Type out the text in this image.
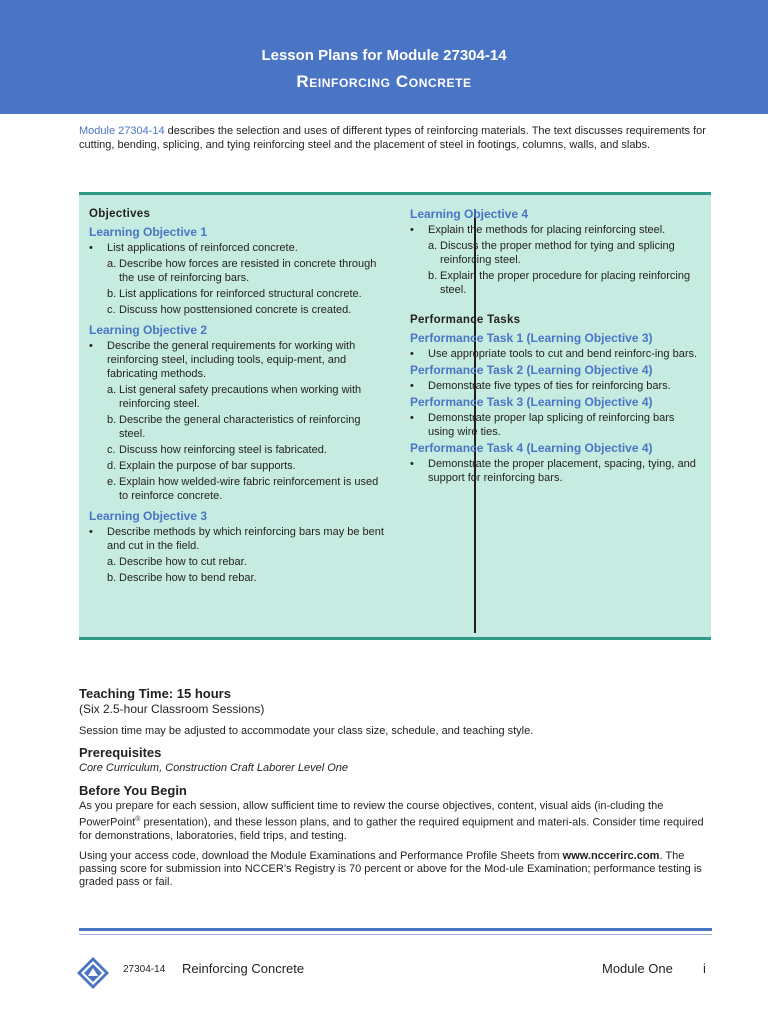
Lesson Plans for Module 27304-14
Reinforcing Concrete
Module 27304-14 describes the selection and uses of different types of reinforcing materials. The text discusses requirements for cutting, bending, splicing, and tying reinforcing steel and the placement of steel in footings, columns, walls, and slabs.
Objectives
Learning Objective 1
• List applications of reinforced concrete.
a. Describe how forces are resisted in concrete through the use of reinforcing bars.
b. List applications for reinforced structural concrete.
c. Discuss how posttensioned concrete is created.
Learning Objective 2
• Describe the general requirements for working with reinforcing steel, including tools, equip-ment, and fabricating methods.
a. List general safety precautions when working with reinforcing steel.
b. Describe the general characteristics of reinforcing steel.
c. Discuss how reinforcing steel is fabricated.
d. Explain the purpose of bar supports.
e. Explain how welded-wire fabric reinforcement is used to reinforce concrete.
Learning Objective 3
• Describe methods by which reinforcing bars may be bent and cut in the field.
a. Describe how to cut rebar.
b. Describe how to bend rebar.
Learning Objective 4
• Explain the methods for placing reinforcing steel.
a. Discuss the proper method for tying and splicing reinforcing steel.
b. Explain the proper procedure for placing reinforcing steel.
Performance Tasks
Performance Task 1 (Learning Objective 3)
• Use appropriate tools to cut and bend reinforc-ing bars.
Performance Task 2 (Learning Objective 4)
• Demonstrate five types of ties for reinforcing bars.
Performance Task 3 (Learning Objective 4)
• Demonstrate proper lap splicing of reinforcing bars using wire ties.
Performance Task 4 (Learning Objective 4)
• Demonstrate the proper placement, spacing, tying, and support for reinforcing bars.
Teaching Time: 15 hours
(Six 2.5-hour Classroom Sessions)
Session time may be adjusted to accommodate your class size, schedule, and teaching style.
Prerequisites
Core Curriculum, Construction Craft Laborer Level One
Before You Begin
As you prepare for each session, allow sufficient time to review the course objectives, content, visual aids (in-cluding the PowerPoint® presentation), and these lesson plans, and to gather the required equipment and materi-als. Consider time required for demonstrations, laboratories, field trips, and testing.
Using your access code, download the Module Examinations and Performance Profile Sheets from www.nccerirc.com. The passing score for submission into NCCER’s Registry is 70 percent or above for the Mod-ule Examination; performance testing is graded pass or fail.
27304-14 Reinforcing Concrete	Module One i
